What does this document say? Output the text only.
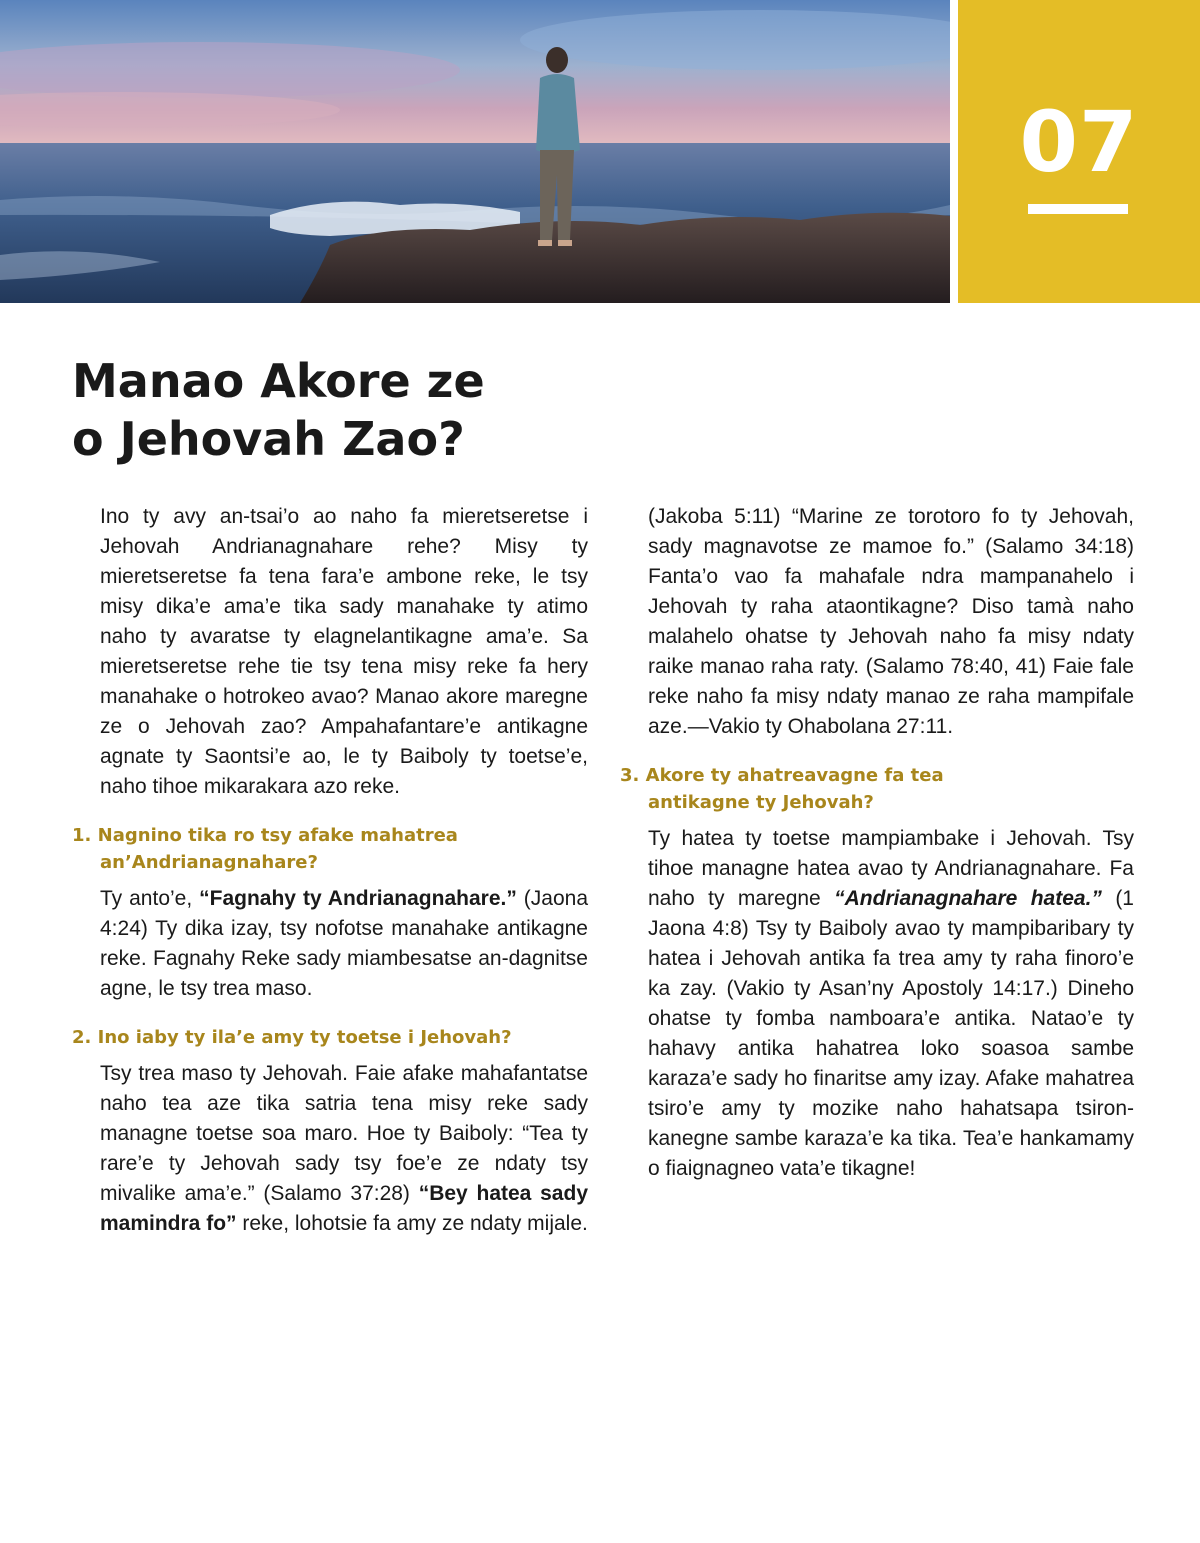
07
Manao Akore ze
o Jehovah Zao?

Ino ty avy an-tsai’o ao naho fa mieretseretse i Jehovah Andrianagnahare rehe? Misy ty mieretseretse fa tena fara’e ambone reke, le tsy misy dika’e ama’e tika sady manahake ty atimo naho ty avaratse ty elagnelantikagne ama’e. Sa mieretseretse rehe tie tsy tena misy reke fa hery manahake o hotrokeo avao? Manao akore maregne ze o Jehovah zao? Ampahafantare’e antikagne agnate ty Saontsi’e ao, le ty Baiboly ty toetse’e, naho tihoe mikarakara azo reke.

1. Nagnino tika ro tsy afake mahatrea
an’Andrianagnahare?

Ty anto’e, “Fagnahy ty Andrianagnahare.” (Jaona 4:24) Ty dika izay, tsy nofotse manahake antikagne reke. Fagnahy Reke sady miambesatse an-dagnitse agne, le tsy trea maso.

2. Ino iaby ty ila’e amy ty toetse i Jehovah?

Tsy trea maso ty Jehovah. Faie afake mahafantatse naho tea aze tika satria tena misy reke sady managne toetse soa maro. Hoe ty Baiboly: “Tea ty rare’e ty Jehovah sady tsy foe’e ze ndaty tsy mivalike ama’e.” (Salamo 37:28) “Bey hatea sady mamindra fo” reke, lohotsie fa amy ze ndaty mijale.

(Jakoba 5:11) “Marine ze torotoro fo ty Jehovah, sady magnavotse ze mamoe fo.” (Salamo 34:18) Fanta’o vao fa mahafale ndra mampanahelo i Jehovah ty raha ataontikagne? Diso tamà naho malahelo ohatse ty Jehovah naho fa misy ndaty raike manao raha raty. (Salamo 78:40, 41) Faie fale reke naho fa misy ndaty manao ze raha mampifale aze.—Vakio ty Ohabolana 27:11.

3. Akore ty ahatreavagne fa tea
antikagne ty Jehovah?

Ty hatea ty toetse mampiambake i Jehovah. Tsy tihoe managne hatea avao ty Andrianagnahare. Fa naho ty maregne “Andrianagnahare hatea.” (1 Jaona 4:8) Tsy ty Baiboly avao ty mampibaribary ty hatea i Jehovah antika fa trea amy ty raha finoro’e ka zay. (Vakio ty Asan’ny Apostoly 14:17.) Dineho ohatse ty fomba namboara’e antika. Natao’e ty hahavy antika hahatrea loko soasoa sambe karaza’e sady ho finaritse amy izay. Afake mahatrea tsiro’e amy ty mozike naho hahatsapa tsiron-kanegne sambe karaza’e ka tika. Tea’e hankamamy o fiaignagneo vata’e tikagne!
